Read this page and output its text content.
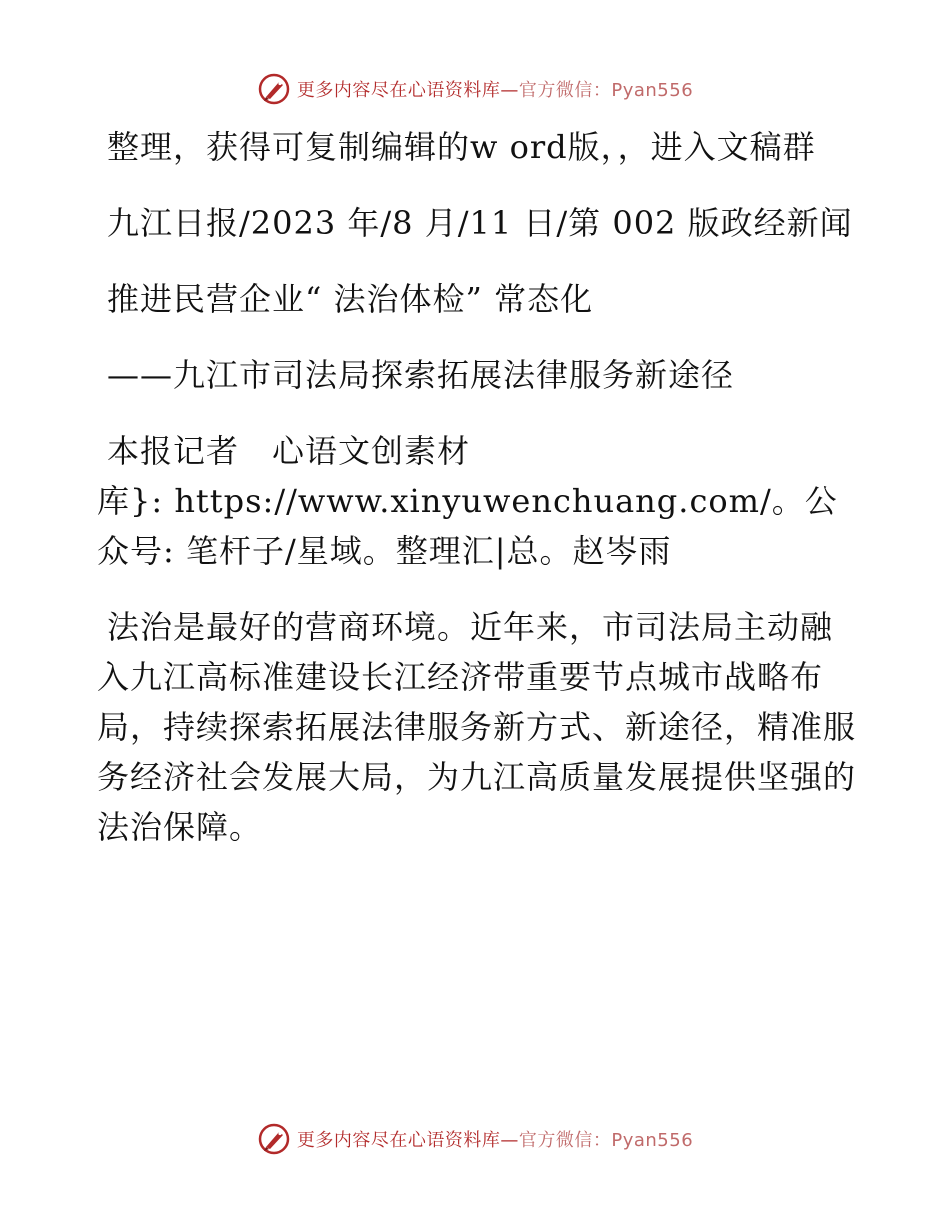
更多内容尽在心语资料库—官方微信：Pyan556

整理，获得可复制编辑的w ord版，，进入文稿群

九江日报/2023 年/8 月/11 日/第 002 版政经新闻

推进民营企业“ 法治体检” 常态化

——九江市司法局探索拓展法律服务新途径

本报记者　心语文创素材

库}: https://www.xinyuwenchuang.com/。公众号: 笔杆子/星域。整理汇|总。赵岑雨

法治是最好的营商环境。近年来，市司法局主动融入九江高标准建设长江经济带重要节点城市战略布局，持续探索拓展法律服务新方式、新途径，精准服务经济社会发展大局，为九江高质量发展提供坚强的法治保障。

更多内容尽在心语资料库—官方微信：Pyan556
